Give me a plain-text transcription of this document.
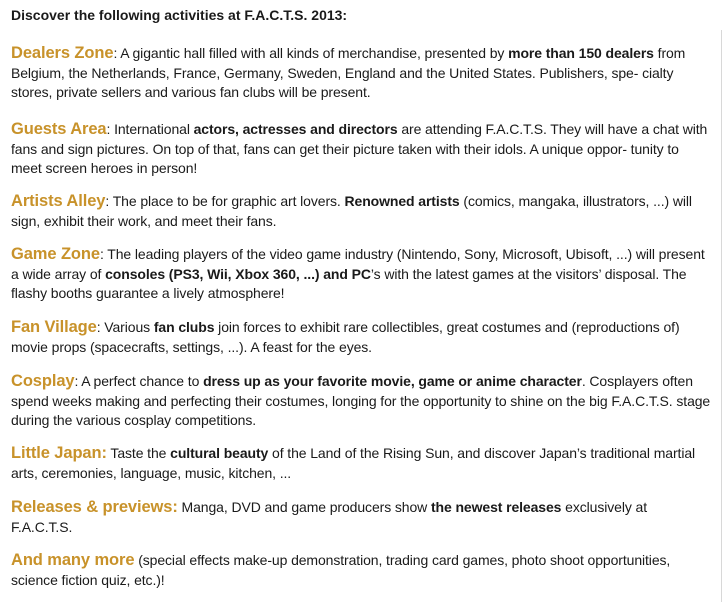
Discover the following activities at F.A.C.T.S. 2013:

Dealers Zone: A gigantic hall filled with all kinds of merchandise, presented by more than 150 dealers from Belgium, the Netherlands, France, Germany, Sweden, England and the United States. Publishers, spe- cialty stores, private sellers and various fan clubs will be present.

Guests Area: International actors, actresses and directors are attending F.A.C.T.S. They will have a chat with fans and sign pictures. On top of that, fans can get their picture taken with their idols. A unique oppor- tunity to meet screen heroes in person!

Artists Alley: The place to be for graphic art lovers. Renowned artists (comics, mangaka, illustrators, ...) will sign, exhibit their work, and meet their fans.

Game Zone: The leading players of the video game industry (Nintendo, Sony, Microsoft, Ubisoft, ...) will present a wide array of consoles (PS3, Wii, Xbox 360, ...) and PC’s with the latest games at the visitors’ disposal. The flashy booths guarantee a lively atmosphere!

Fan Village: Various fan clubs join forces to exhibit rare collectibles, great costumes and (reproductions of) movie props (spacecrafts, settings, ...). A feast for the eyes.

Cosplay: A perfect chance to dress up as your favorite movie, game or anime character. Cosplayers often spend weeks making and perfecting their costumes, longing for the opportunity to shine on the big F.A.C.T.S. stage during the various cosplay competitions.

Little Japan: Taste the cultural beauty of the Land of the Rising Sun, and discover Japan’s traditional martial arts, ceremonies, language, music, kitchen, ...

Releases & previews: Manga, DVD and game producers show the newest releases exclusively at F.A.C.T.S.

And many more (special effects make-up demonstration, trading card games, photo shoot opportunities, science fiction quiz, etc.)!
